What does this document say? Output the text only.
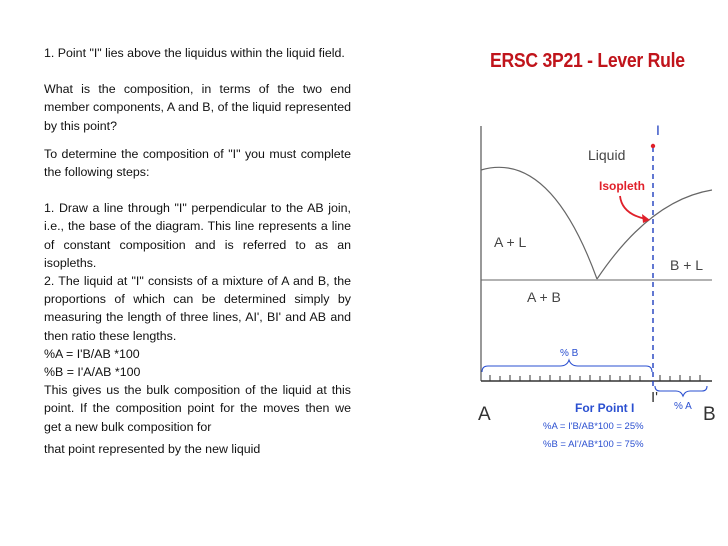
1. Point "I" lies above the liquidus within the liquid field.

What is the composition, in terms of the two end member components, A and B, of the liquid represented by this point?

To determine the composition of "I" you must complete the following steps:

1. Draw a line through "I" perpendicular to the AB join, i.e., the base of the diagram. This line represents a line of constant composition and is referred to as an isopleths.

2. The liquid at "I" consists of a mixture of A and B, the proportions of which can be determined simply by measuring the length of three lines, AI', BI' and AB and then ratio these lengths.

%A = I'B/AB *100

%B = I'A/AB *100

This gives us the bulk composition of the liquid at this point. If the composition point for the moves then we get a new bulk composition for

that point represented by the new liquid

ERSC 3P21 - Lever Rule
I
Liquid
Isopleth
A + L
B + L
A + B
% B
% A
I'
A	B
For Point I
%A = I'B/AB*100 = 25%
%B = AI'/AB*100 = 75%
